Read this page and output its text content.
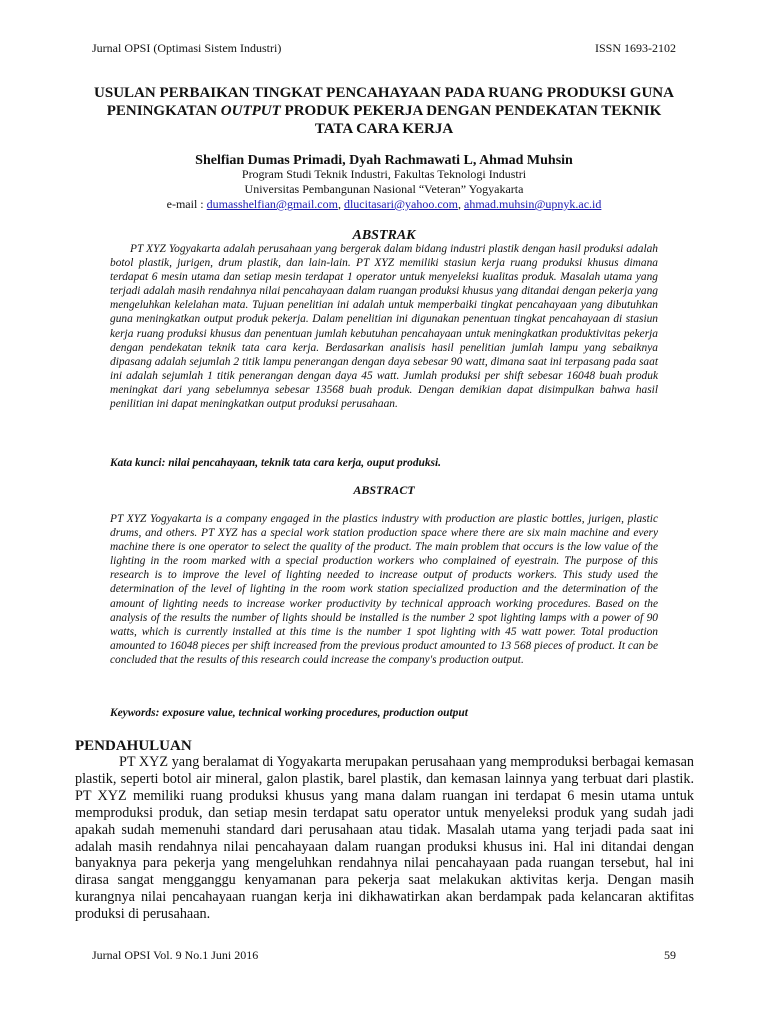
Jurnal OPSI (Optimasi Sistem Industri)	ISSN 1693-2102
USULAN PERBAIKAN TINGKAT PENCAHAYAAN PADA RUANG PRODUKSI GUNA
PENINGKATAN OUTPUT PRODUK PEKERJA DENGAN PENDEKATAN TEKNIK
TATA CARA KERJA
Shelfian Dumas Primadi, Dyah Rachmawati L, Ahmad Muhsin
Program Studi Teknik Industri, Fakultas Teknologi Industri
Universitas Pembangunan Nasional “Veteran” Yogyakarta
e-mail : dumasshelfian@gmail.com, dlucitasari@yahoo.com, ahmad.muhsin@upnyk.ac.id
ABSTRAK

PT XYZ Yogyakarta adalah perusahaan yang bergerak dalam bidang industri plastik dengan hasil produksi adalah botol plastik, jurigen, drum plastik, dan lain-lain. PT XYZ memiliki stasiun kerja ruang produksi khusus dimana terdapat 6 mesin utama dan setiap mesin terdapat 1 operator untuk menyeleksi kualitas produk. Masalah utama yang terjadi adalah masih rendahnya nilai pencahayaan dalam ruangan produksi khusus yang ditandai dengan pekerja yang mengeluhkan kelelahan mata. Tujuan penelitian ini adalah untuk memperbaiki tingkat pencahayaan yang dibutuhkan guna meningkatkan output produk pekerja. Dalam penelitian ini digunakan penentuan tingkat pencahayaan di stasiun kerja ruang produksi khusus dan penentuan jumlah kebutuhan pencahayaan untuk meningkatkan produktivitas pekerja dengan pendekatan teknik tata cara kerja. Berdasarkan analisis hasil penelitian jumlah lampu yang sebaiknya dipasang adalah sejumlah 2 titik lampu penerangan dengan daya sebesar 90 watt, dimana saat ini terpasang pada saat ini adalah sejumlah 1 titik penerangan dengan daya 45 watt. Jumlah produksi per shift sebesar 16048 buah produk meningkat dari yang sebelumnya sebesar 13568 buah produk. Dengan demikian dapat disimpulkan bahwa hasil penilitian ini dapat meningkatkan output produksi perusahaan.

Kata kunci: nilai pencahayaan, teknik tata cara kerja, ouput produksi.
ABSTRACT

PT XYZ Yogyakarta is a company engaged in the plastics industry with production are plastic bottles, jurigen, plastic drums, and others. PT XYZ has a special work station production space where there are six main machine and every machine there is one operator to select the quality of the product. The main problem that occurs is the low value of the lighting in the room marked with a special production workers who complained of eyestrain. The purpose of this research is to improve the level of lighting needed to increase output of products workers. This study used the determination of the level of lighting in the room work station specialized production and the determination of the amount of lighting needs to increase worker productivity by technical approach working procedures. Based on the analysis of the results the number of lights should be installed is the number 2 spot lighting lamps with a power of 90 watts, which is currently installed at this time is the number 1 spot lighting with 45 watt power. Total production amounted to 16048 pieces per shift increased from the previous product amounted to 13 568 pieces of product. It can be concluded that the results of this research could increase the company's production output.

Keywords: exposure value, technical working procedures, production output
PENDAHULUAN

PT XYZ yang beralamat di Yogyakarta merupakan perusahaan yang memproduksi berbagai kemasan plastik, seperti botol air mineral, galon plastik, barel plastik, dan kemasan lainnya yang terbuat dari plastik. PT XYZ memiliki ruang produksi khusus yang mana dalam ruangan ini terdapat 6 mesin utama untuk memproduksi produk, dan setiap mesin terdapat satu operator untuk menyeleksi produk yang sudah jadi apakah sudah memenuhi standard dari perusahaan atau tidak. Masalah utama yang terjadi pada saat ini adalah masih rendahnya nilai pencahayaan dalam ruangan produksi khusus ini. Hal ini ditandai dengan banyaknya para pekerja yang mengeluhkan rendahnya nilai pencahayaan pada ruangan tersebut, hal ini dirasa sangat mengganggu kenyamanan para pekerja saat melakukan aktivitas kerja. Dengan masih kurangnya nilai pencahayaan ruangan kerja ini dikhawatirkan akan berdampak pada kelancaran aktifitas produksi di perusahaan.

Jurnal OPSI Vol. 9 No.1 Juni 2016	59
